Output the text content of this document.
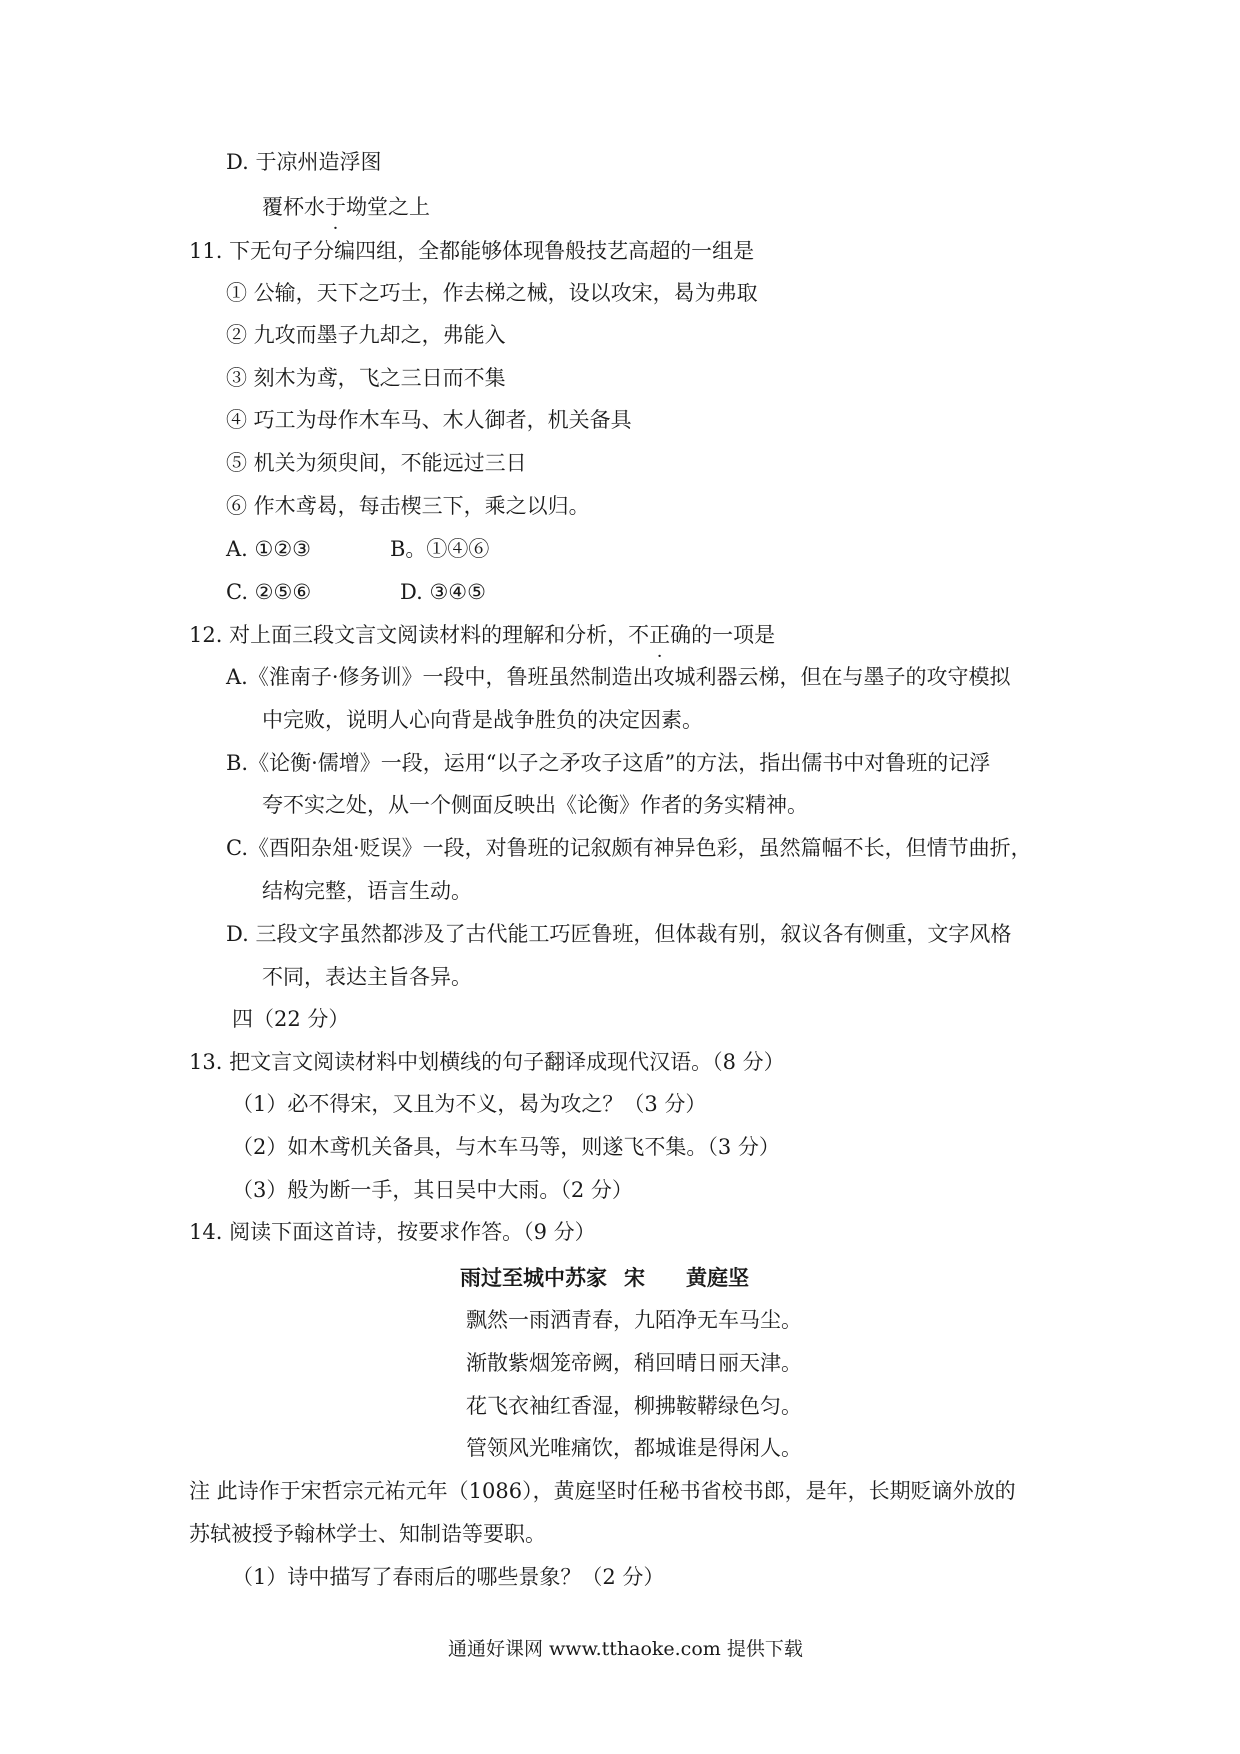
D. 于凉州造浮图
覆杯水于坳堂之上
11. 下无句子分编四组，全都能够体现鲁般技艺高超的一组是
① 公输，天下之巧士，作去梯之械，设以攻宋，曷为弗取
② 九攻而墨子九却之，弗能入
③ 刻木为鸢，飞之三日而不集
④ 巧工为母作木车马、木人御者，机关备具
⑤ 机关为须臾间，不能远过三日
⑥ 作木鸢曷，每击楔三下，乘之以归。
A. ①②③	B。①④⑥
C. ②⑤⑥	D. ③④⑤
12. 对上面三段文言文阅读材料的理解和分析，不正确的一项是
A.《淮南子·修务训》一段中，鲁班虽然制造出攻城利器云梯，但在与墨子的攻守模拟
中完败，说明人心向背是战争胜负的决定因素。
B.《论衡·儒增》一段，运用“以子之矛攻子这盾”的方法，指出儒书中对鲁班的记浮
夸不实之处，从一个侧面反映出《论衡》作者的务实精神。
C.《酉阳杂俎·贬误》一段，对鲁班的记叙颇有神异色彩，虽然篇幅不长，但情节曲折，
结构完整，语言生动。
D. 三段文字虽然都涉及了古代能工巧匠鲁班，但体裁有别，叙议各有侧重，文字风格
不同，表达主旨各异。
四（22 分）
13. 把文言文阅读材料中划横线的句子翻译成现代汉语。（8 分）
（1）必不得宋，又且为不义，曷为攻之？（3 分）
（2）如木鸢机关备具，与木车马等，则遂飞不集。（3 分）
（3）般为断一手，其日吴中大雨。（2 分）
14. 阅读下面这首诗，按要求作答。（9 分）
雨过至城中苏家 宋 黄庭坚
飘然一雨洒青春，九陌净无车马尘。
渐散紫烟笼帝阙，稍回晴日丽天津。
花飞衣袖红香湿，柳拂鞍鞯绿色匀。
管领风光唯痛饮，都城谁是得闲人。
注 此诗作于宋哲宗元祐元年（1086），黄庭坚时任秘书省校书郎，是年，长期贬谪外放的
苏轼被授予翰林学士、知制诰等要职。
（1）诗中描写了春雨后的哪些景象？（2 分）
通通好课网 www.tthaoke.com 提供下载
